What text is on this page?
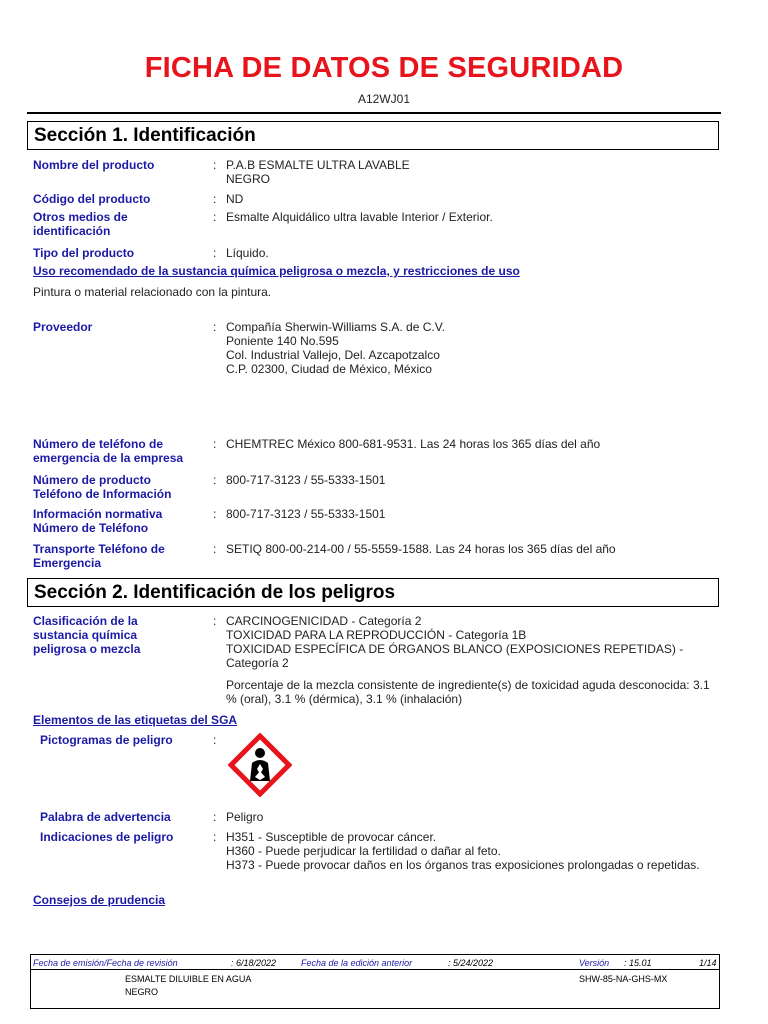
FICHA DE DATOS DE SEGURIDAD
A12WJ01
Sección 1. Identificación
Nombre del producto	: P.A.B ESMALTE ULTRA LAVABLE
NEGRO
Código del producto	: ND
Otros medios de identificación
: Esmalte Alquidálico ultra lavable Interior / Exterior.
Tipo del producto	: Líquido.
Uso recomendado de la sustancia química peligrosa o mezcla, y restricciones de uso
Pintura o material relacionado con la pintura.
Proveedor	: Compañía Sherwin-Williams S.A. de C.V.
Poniente 140 No.595
Col. Industrial Vallejo, Del. Azcapotzalco
C.P. 02300, Ciudad de México, México
Número de teléfono de emergencia de la empresa
: CHEMTREC México 800-681-9531. Las 24 horas los 365 días del año
Número de producto Teléfono de Información
: 800-717-3123 / 55-5333-1501
Información normativa Número de Teléfono
: 800-717-3123 / 55-5333-1501
Transporte Teléfono de Emergencia
: SETIQ 800-00-214-00 / 55-5559-1588. Las 24 horas los 365 días del año
Sección 2. Identificación de los peligros
Clasificación de la sustancia química peligrosa o mezcla
: CARCINOGENICIDAD - Categoría 2
TOXICIDAD PARA LA REPRODUCCIÓN - Categoría 1B
TOXICIDAD ESPECÍFICA DE ÓRGANOS BLANCO (EXPOSICIONES REPETIDAS) - Categoría 2
Porcentaje de la mezcla consistente de ingrediente(s) de toxicidad aguda desconocida: 3.1 % (oral), 3.1 % (dérmica), 3.1 % (inhalación)
Elementos de las etiquetas del SGA
Pictogramas de peligro	:
Palabra de advertencia	: Peligro
Indicaciones de peligro	: H351 - Susceptible de provocar cáncer.
H360 - Puede perjudicar la fertilidad o dañar al feto.
H373 - Puede provocar daños en los órganos tras exposiciones prolongadas o repetidas.
Consejos de prudencia
Fecha de emisión/Fecha de revisión	: 6/18/2022	Fecha de la edición anterior	: 5/24/2022	Versión : 15.01	1/14
ESMALTE DILUIBLE EN AGUA
NEGRO
SHW-85-NA-GHS-MX
